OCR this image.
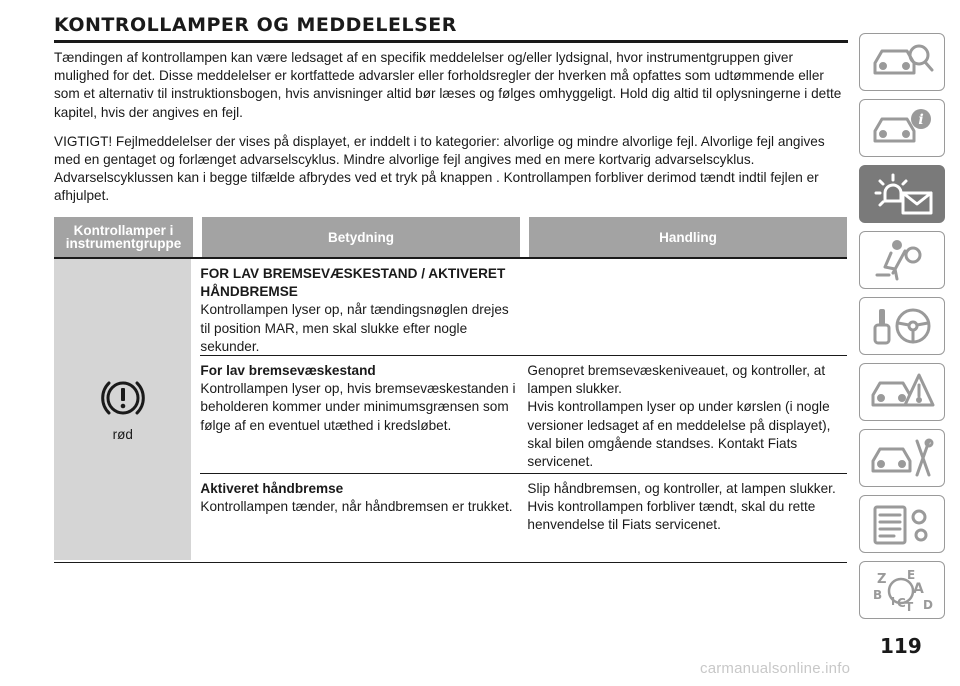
KONTROLLAMPER OG MEDDELELSER

Tændingen af kontrollampen kan være ledsaget af en specifik meddelelser og/eller lydsignal, hvor instrumentgruppen giver mulighed for det. Disse meddelelser er kortfattede advarsler eller forholdsregler der hverken må opfattes som udtømmende eller som et alternativ til instruktionsbogen, hvis anvisninger altid bør læses og følges omhyggeligt. Hold dig altid til oplysningerne i dette kapitel, hvis der angives en fejl.

VIGTIGT! Fejlmeddelelser der vises på displayet, er inddelt i to kategorier: alvorlige og mindre alvorlige fejl. Alvorlige fejl angives med en gentaget og forlænget advarselscyklus. Mindre alvorlige fejl angives med en mere kortvarig advarselscyklus. Advarselscyklussen kan i begge tilfælde afbrydes ved et tryk på knappen . Kontrollampen forbliver derimod tændt indtil fejlen er afhjulpet.

Kontrollamper i instrumentgruppe	Betydning	Handling
rød
FOR LAV BREMSEVÆSKESTAND / AKTIVERET HÅNDBREMSE
Kontrollampen lyser op, når tændingsnøglen drejes til position MAR, men skal slukke efter nogle sekunder.
For lav bremsevæskestand
Kontrollampen lyser op, hvis bremsevæskestanden i beholderen kommer under minimumsgrænsen som følge af en eventuel utæthed i kredsløbet.
Genopret bremsevæskeniveauet, og kontroller, at lampen slukker.
Hvis kontrollampen lyser op under kørslen (i nogle versioner ledsaget af en meddelelse på displayet), skal bilen omgående standses. Kontakt Fiats servicenet.
Aktiveret håndbremse
Kontrollampen tænder, når håndbremsen er trukket.
Slip håndbremsen, og kontroller, at lampen slukker.
Hvis kontrollampen forbliver tændt, skal du rette henvendelse til Fiats servicenet.
i
Z E
A
B I C T D
119
carmanualsonline.info
